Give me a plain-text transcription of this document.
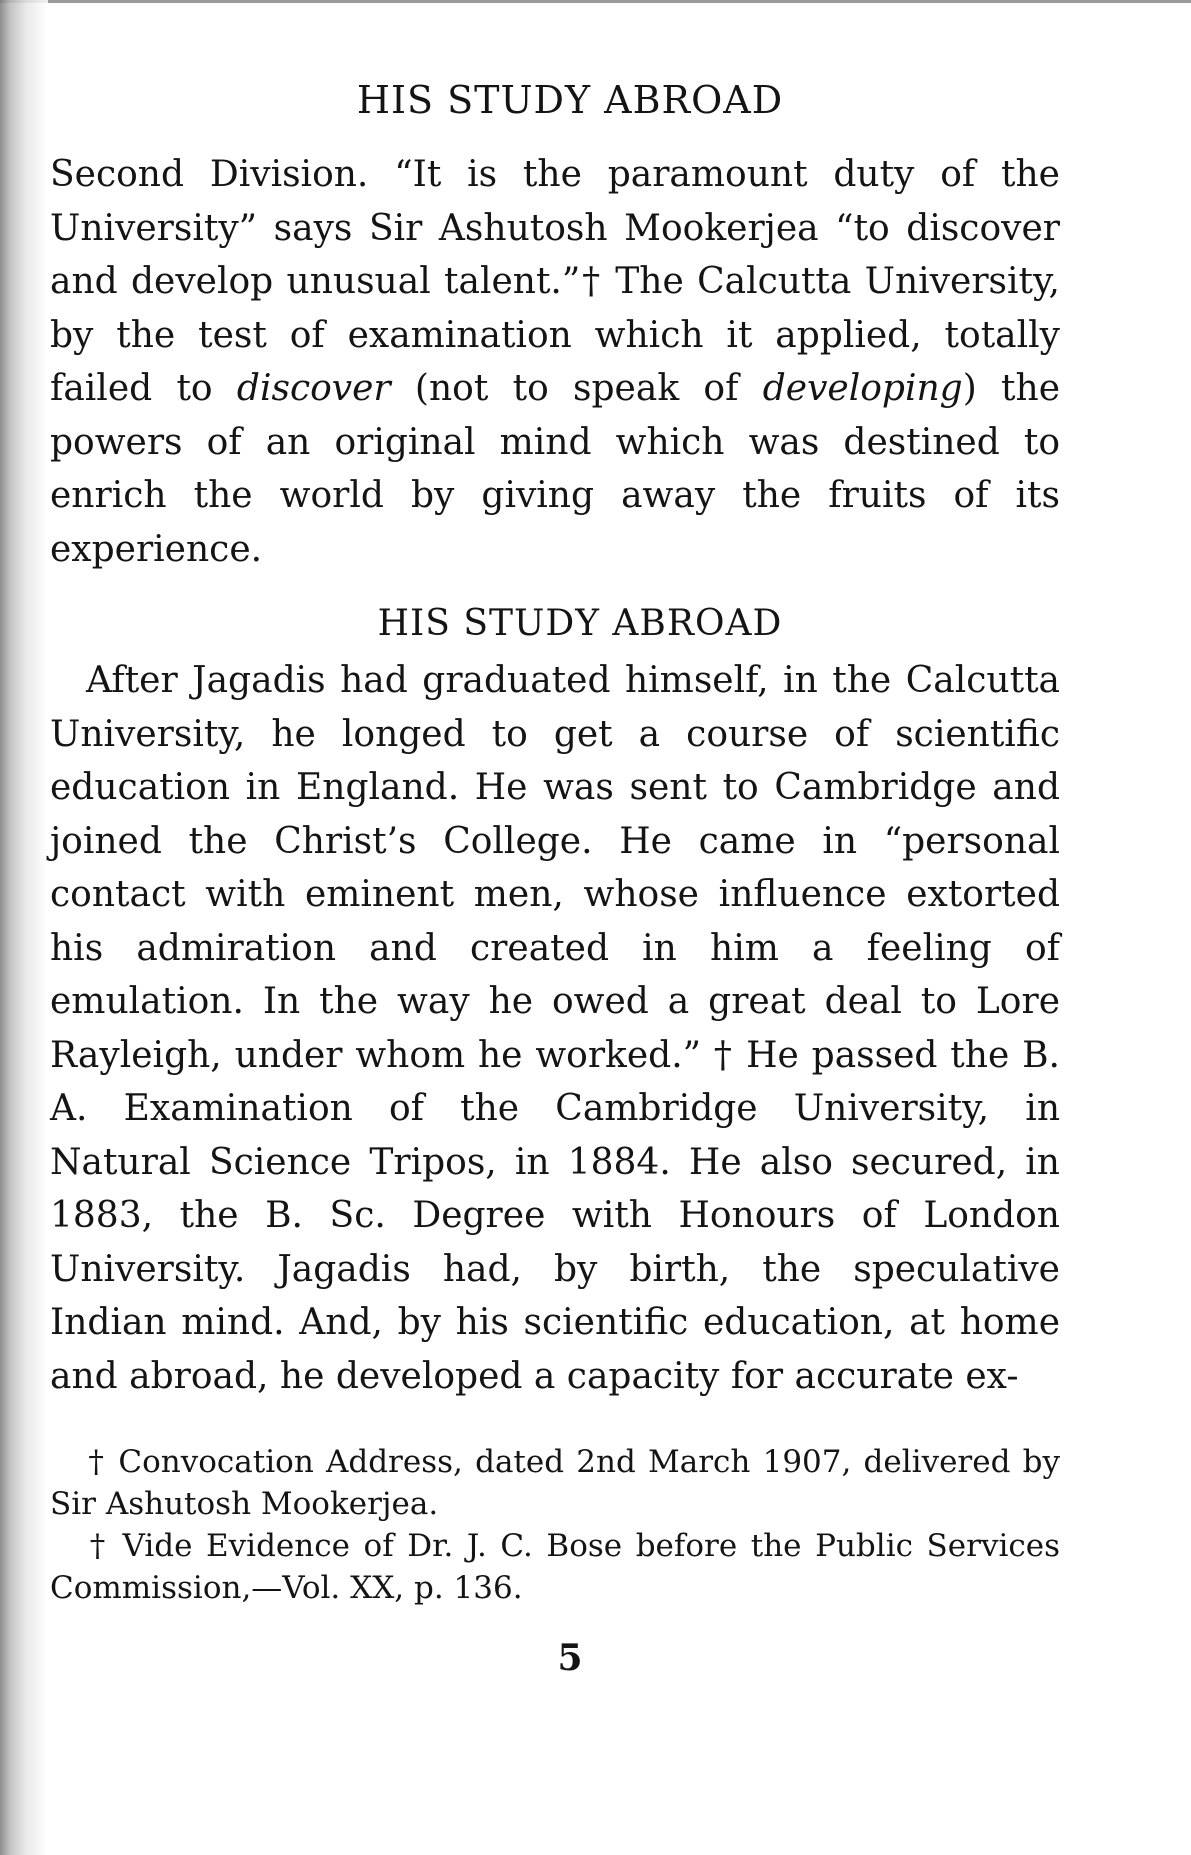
HIS STUDY ABROAD

Second Division. “It is the paramount duty of the University” says Sir Ashutosh Mookerjea “to discover and develop unusual talent.”† The Calcutta University, by the test of examination which it applied, totally failed to discover (not to speak of developing) the powers of an original mind which was destined to enrich the world by giving away the fruits of its experience.

HIS STUDY ABROAD

After Jagadis had graduated himself, in the Calcutta University, he longed to get a course of scientific education in England. He was sent to Cambridge and joined the Christ’s College. He came in “personal contact with eminent men, whose influence extorted his admiration and created in him a feeling of emulation. In the way he owed a great deal to Lore Rayleigh, under whom he worked.” † He passed the B. A. Examination of the Cambridge University, in Natural Science Tripos, in 1884. He also secured, in 1883, the B. Sc. Degree with Honours of London University. Jagadis had, by birth, the speculative Indian mind. And, by his scientific education, at home and abroad, he developed a capacity for accurate ex-

† Convocation Address, dated 2nd March 1907, delivered by Sir Ashutosh Mookerjea.

† Vide Evidence of Dr. J. C. Bose before the Public Services Commission,—Vol. XX, p. 136.

5
